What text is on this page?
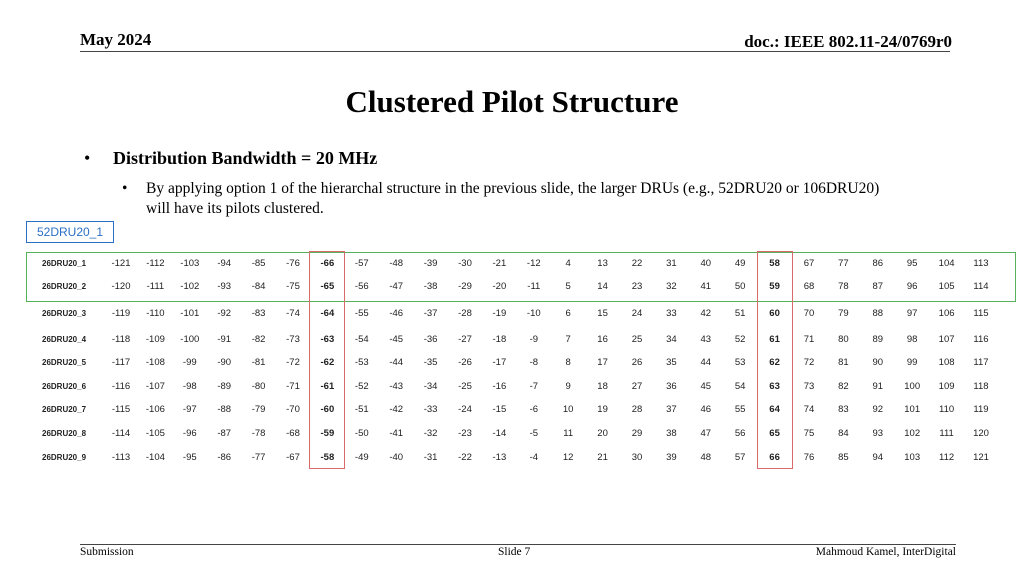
May 2024	doc.: IEEE 802.11-24/0769r0
Clustered Pilot Structure
• Distribution Bandwidth = 20 MHz
• By applying option 1 of the hierarchal structure in the previous slide, the larger DRUs (e.g., 52DRU20 or 106DRU20) will have its pilots clustered.
52DRU20_1
26DRU20_1	-121	-112	-103	-94	-85	-76	-66	-57	-48	-39	-30	-21	-12	4	13	22	31	40	49	58	67	77	86	95	104	113
26DRU20_2	-120	-111	-102	-93	-84	-75	-65	-56	-47	-38	-29	-20	-11	5	14	23	32	41	50	59	68	78	87	96	105	114
26DRU20_3	-119	-110	-101	-92	-83	-74	-64	-55	-46	-37	-28	-19	-10	6	15	24	33	42	51	60	70	79	88	97	106	115
26DRU20_4	-118	-109	-100	-91	-82	-73	-63	-54	-45	-36	-27	-18	-9	7	16	25	34	43	52	61	71	80	89	98	107	116
26DRU20_5	-117	-108	-99	-90	-81	-72	-62	-53	-44	-35	-26	-17	-8	8	17	26	35	44	53	62	72	81	90	99	108	117
26DRU20_6	-116	-107	-98	-89	-80	-71	-61	-52	-43	-34	-25	-16	-7	9	18	27	36	45	54	63	73	82	91	100	109	118
26DRU20_7	-115	-106	-97	-88	-79	-70	-60	-51	-42	-33	-24	-15	-6	10	19	28	37	46	55	64	74	83	92	101	110	119
26DRU20_8	-114	-105	-96	-87	-78	-68	-59	-50	-41	-32	-23	-14	-5	11	20	29	38	47	56	65	75	84	93	102	111	120
26DRU20_9	-113	-104	-95	-86	-77	-67	-58	-49	-40	-31	-22	-13	-4	12	21	30	39	48	57	66	76	85	94	103	112	121
Submission	Slide 7	Mahmoud Kamel, InterDigital
